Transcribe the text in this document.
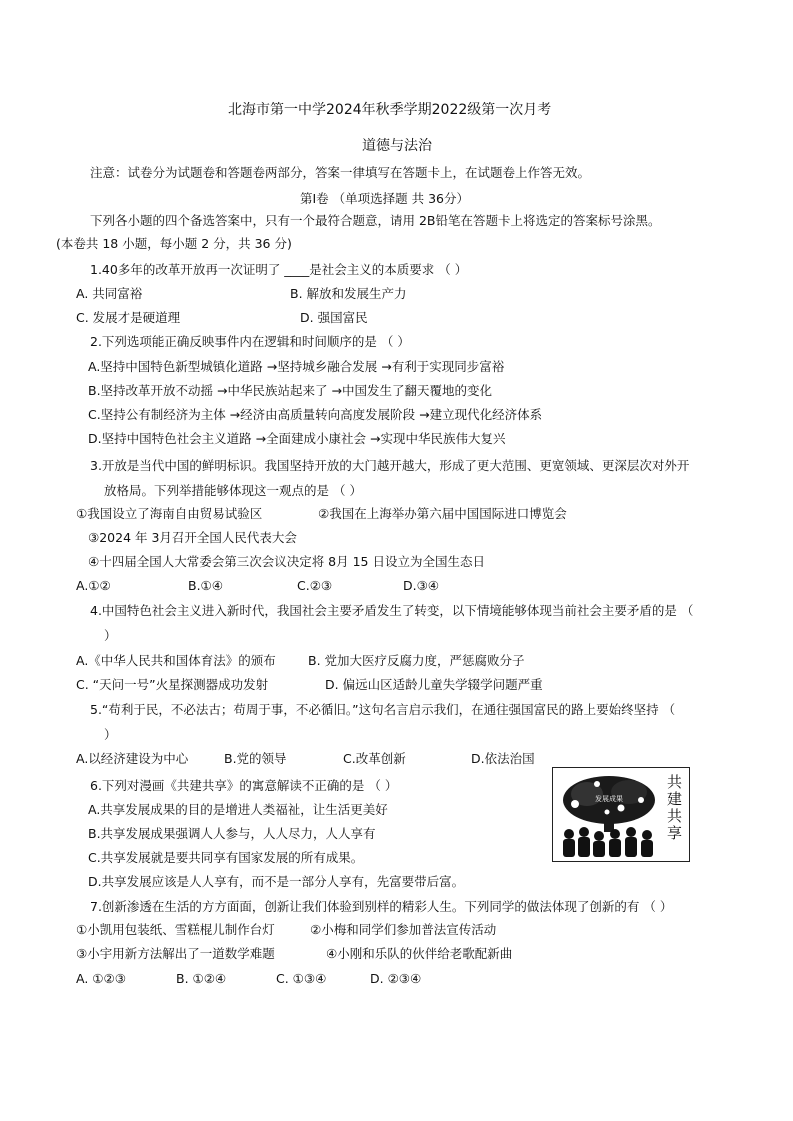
北海市第一中学2024年秋季学期2022级第一次月考
道德与法治
注意：试卷分为试题卷和答题卷两部分，答案一律填写在答题卡上，在试题卷上作答无效。
第Ⅰ卷 （单项选择题 共 36分）
下列各小题的四个备选答案中，只有一个最符合题意，请用 2B铅笔在答题卡上将选定的答案标号涂黑。
(本卷共 18 小题，每小题 2 分，共 36 分)
1.40多年的改革开放再一次证明了 ____是社会主义的本质要求 （ ）
A. 共同富裕	B. 解放和发展生产力
C. 发展才是硬道理	D. 强国富民
2.下列选项能正确反映事件内在逻辑和时间顺序的是 （ ）
A.坚持中国特色新型城镇化道路 →坚持城乡融合发展 →有利于实现同步富裕
B.坚持改革开放不动摇 →中华民族站起来了 →中国发生了翻天覆地的变化
C.坚持公有制经济为主体 →经济由高质量转向高度发展阶段 →建立现代化经济体系
D.坚持中国特色社会主义道路 →全面建成小康社会 →实现中华民族伟大复兴
3.开放是当代中国的鲜明标识。我国坚持开放的大门越开越大，形成了更大范围、更宽领域、更深层次对外开
放格局。下列举措能够体现这一观点的是 （ ）
①我国设立了海南自由贸易试验区	②我国在上海举办第六届中国国际进口博览会
③2024 年 3月召开全国人民代表大会
④十四届全国人大常委会第三次会议决定将 8月 15 日设立为全国生态日
A.①②	B.①④	C.②③	D.③④
4.中国特色社会主义进入新时代，我国社会主要矛盾发生了转变，以下情境能够体现当前社会主要矛盾的是 （
）
A.《中华人民共和国体育法》的颁布	B. 党加大医疗反腐力度，严惩腐败分子
C. “天问一号”火星探测器成功发射	D. 偏远山区适龄儿童失学辍学问题严重
5.“苟利于民，不必法古；苟周于事，不必循旧。”这句名言启示我们，在通往强国富民的路上要始终坚持 （
）
A.以经济建设为中心	B.党的领导	C.改革创新	D.依法治国
6.下列对漫画《共建共享》的寓意解读不正确的是 （ ）
A.共享发展成果的目的是增进人类福祉，让生活更美好
B.共享发展成果强调人人参与，人人尽力，人人享有
C.共享发展就是要共同享有国家发展的所有成果。
D.共享发展应该是人人享有，而不是一部分人享有，先富要带后富。
发展成果	共建共享
7.创新渗透在生活的方方面面，创新让我们体验到别样的精彩人生。下列同学的做法体现了创新的有 （ ）
①小凯用包装纸、雪糕棍儿制作台灯	②小梅和同学们参加普法宣传活动
③小宇用新方法解出了一道数学难题	④小刚和乐队的伙伴给老歌配新曲
A. ①②③	B. ①②④	C. ①③④	D. ②③④
